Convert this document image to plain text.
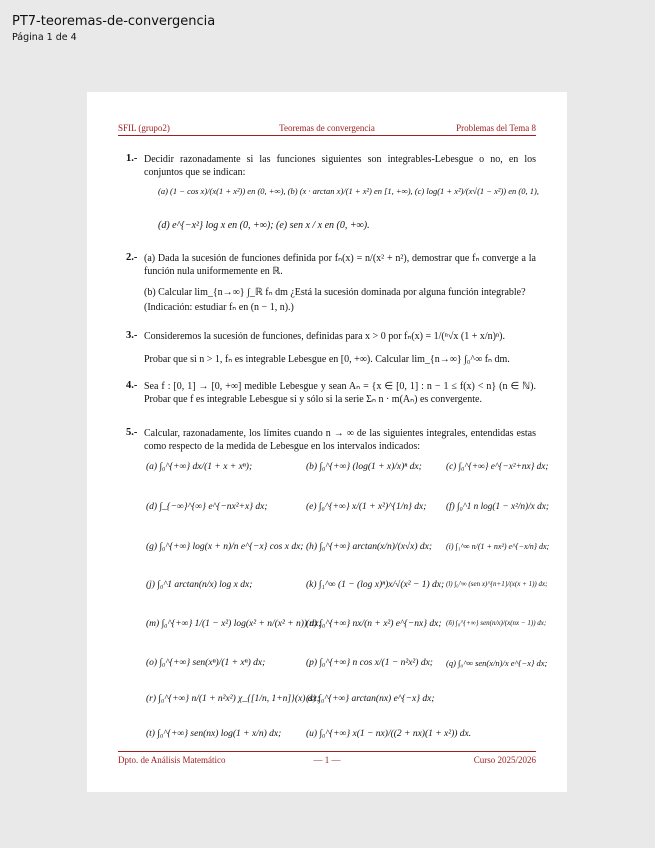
PT7-teoremas-de-convergencia
Página 1 de 4
SFIL (grupo2)	Teoremas de convergencia	Problemas del Tema 8
1.- Decidir razonadamente si las funciones siguientes son integrables-Lebesgue o no, en los conjuntos que se indican:
(a) (1 − cos x)/(x(1 + x²)) en (0, +∞), (b) (x · arctan x)/(1 + x²) en [1, +∞), (c) log(1 + x²)/(x√(1 − x²)) en (0, 1),
(d) e^{−x²} log x en (0, +∞); (e) sen x / x en (0, +∞).
2.- (a) Dada la sucesión de funciones definida por fₙ(x) = n/(x² + n²), demostrar que fₙ converge a la función nula uniformemente en ℝ.
(b) Calcular lim_{n→∞} ∫_ℝ fₙ dm ¿Está la sucesión dominada por alguna función integrable?
(Indicación: estudiar fₙ en (n − 1, n).)
3.- Consideremos la sucesión de funciones, definidas para x > 0 por fₙ(x) = 1/(ⁿ√x (1 + x/n)ⁿ).
Probar que si n > 1, fₙ es integrable Lebesgue en [0, +∞). Calcular lim_{n→∞} ∫₀^∞ fₙ dm.
4.- Sea f : [0, 1] → [0, +∞] medible Lebesgue y sean Aₙ = {x ∈ [0, 1] : n − 1 ≤ f(x) < n} (n ∈ ℕ). Probar que f es integrable Lebesgue si y sólo si la serie Σₙ n · m(Aₙ) es convergente.
5.- Calcular, razonadamente, los límites cuando n → ∞ de las siguientes integrales, entendidas estas como respecto de la medida de Lebesgue en los intervalos indicados:
(a) ∫₀^{+∞} dx/(1 + x + xⁿ);	(b) ∫₀^{+∞} (log(1 + x)/x)ⁿ dx;	(c) ∫₀^{+∞} e^{−x²+nx} dx;
(d) ∫_{−∞}^{∞} e^{−nx²+x} dx;	(e) ∫₀^{+∞} x/(1 + x²)^{1/n} dx; (f) ∫₀^1 n log(1 − x²/n)/x dx;
(g) ∫₀^{+∞} log(x + n)/n e^{−x} cos x dx; (h) ∫₀^{+∞} arctan(x/n)/(x√x) dx; (i) ∫₁^∞ n/(1 + nx²) e^{−x/n} dx;
(j) ∫₀^1 arctan(n/x) log x dx;	(k) ∫₁^∞ (1 − (log x)ⁿ)x/√(x² − 1) dx; (l) ∫₀^∞ (sen x)^{n+1}/(x(x + 1)) dx;
(m) ∫₀^{+∞} 1/(1 − x²) log(x² + n/(x² + n)) dx;
(n) ∫₀^{+∞} nx/(n + x²) e^{−nx} dx; (ñ) ∫₀^{+∞} sen(n/x)/(x(nx − 1)) dx;
(o) ∫₀^{+∞} sen(xⁿ)/(1 + xⁿ) dx;	(p) ∫₀^{+∞} n cos x/(1 − n²x²) dx; (q) ∫₀^∞ sen(x/n)/x e^{−x} dx;
(r) ∫₀^{+∞} n/(1 + n²x²) χ_{[1/n, 1+n]}(x) dx;
(s) ∫₀^{+∞} arctan(nx) e^{−x} dx;
(t) ∫₀^{+∞} sen(nx) log(1 + x/n) dx;	(u) ∫₀^{+∞} x(1 − nx)/((2 + nx)(1 + x²)) dx.
Dpto. de Análisis Matemático	— 1 —	Curso 2025/2026
